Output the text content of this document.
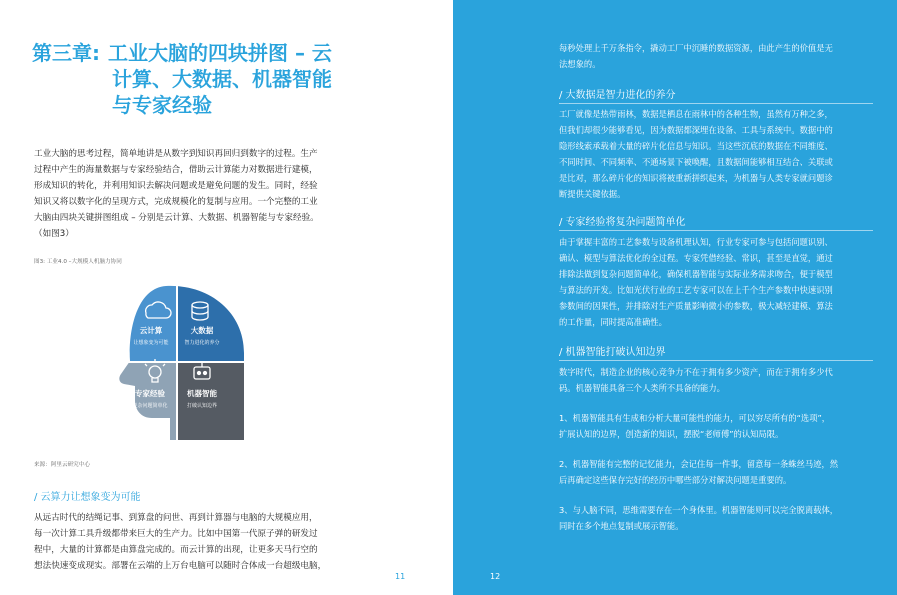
第三章: 工业大脑的四块拼图 – 云
计算、大数据、机器智能
与专家经验
工业大脑的思考过程，简单地讲是从数字到知识再回归到数字的过程。生产
过程中产生的海量数据与专家经验结合，借助云计算能力对数据进行建模，
形成知识的转化，并利用知识去解决问题或是避免问题的发生。同时，经验
知识又将以数字化的呈现方式，完成规模化的复制与应用。一个完整的工业
大脑由四块关键拼图组成 – 分别是云计算、大数据、机器智能与专家经验。
（如图3）
图3: 工业4.0 –大规模人机脑力协同
云计算
让想象变为可能
大数据
智力进化的养分
专家经验
复杂问题简单化
机器智能
打破认知边界
来源：阿里云研究中心
/ 云算力让想象变为可能
从远古时代的结绳记事、到算盘的问世、再到计算器与电脑的大规模应用，
每一次计算工具升级都带来巨大的生产力。比如中国第一代原子弹的研发过
程中，大量的计算都是由算盘完成的。而云计算的出现，让更多天马行空的
想法快速变成现实。部署在云端的上万台电脑可以随时合体成一台超级电脑，
11
每秒处理上千万条指令，撬动工厂中沉睡的数据资源，由此产生的价值是无
法想象的。
/ 大数据是智力进化的养分
工厂就像是热带雨林，数据是栖息在雨林中的各种生物，虽然有万种之多，
但我们却很少能够看见，因为数据都深埋在设备、工具与系统中。数据中的
隐形线索承载着大量的碎片化信息与知识。当这些沉底的数据在不同维度、
不同时间、不同频率、不通场景下被唤醒，且数据间能够相互结合、关联或
是比对，那么碎片化的知识将被重新拼织起来，为机器与人类专家就问题诊
断提供关键依据。
/ 专家经验将复杂问题简单化
由于掌握丰富的工艺参数与设备机理认知，行业专家可参与包括问题识别、
确认、模型与算法优化的全过程。专家凭借经验、常识，甚至是直觉，通过
排除法做到复杂问题简单化，确保机器智能与实际业务需求吻合，便于模型
与算法的开发。比如光伏行业的工艺专家可以在上千个生产参数中快速识别
参数间的因果性，并排除对生产质量影响微小的参数，极大减轻建模、算法
的工作量，同时提高准确性。
/ 机器智能打破认知边界
数字时代，制造企业的核心竞争力不在于拥有多少资产，而在于拥有多少代
码。机器智能具备三个人类所不具备的能力。
1、机器智能具有生成和分析大量可能性的能力，可以穷尽所有的“选项”，
扩展认知的边界，创造新的知识，摆脱“老师傅”的认知局限。
2、机器智能有完整的记忆能力，会记住每一件事，留意每一条蛛丝马迹，然
后再确定这些保存完好的经历中哪些部分对解决问题是重要的。
3、与人脑不同，思维需要存在一个身体里。机器智能则可以完全脱离载体，
同时在多个地点复制或展示智能。
12
